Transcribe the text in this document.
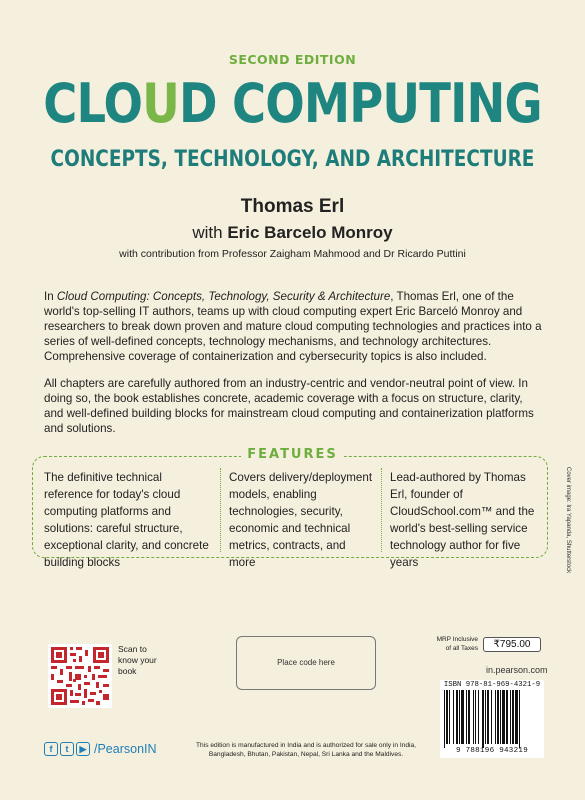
SECOND EDITION
CLOUD COMPUTING
CONCEPTS, TECHNOLOGY, AND ARCHITECTURE
Thomas Erl
with Eric Barcelo Monroy
with contribution from Professor Zaigham Mahmood and Dr Ricardo Puttini
In Cloud Computing: Concepts, Technology, Security & Architecture, Thomas Erl, one of the world's top-selling IT authors, teams up with cloud computing expert Eric Barceló Monroy and researchers to break down proven and mature cloud computing technologies and practices into a series of well-defined concepts, technology mechanisms, and technology architectures. Comprehensive coverage of containerization and cybersecurity topics is also included.
All chapters are carefully authored from an industry-centric and vendor-neutral point of view. In doing so, the book establishes concrete, academic coverage with a focus on structure, clarity, and well-defined building blocks for mainstream cloud computing and containerization platforms and solutions.
FEATURES
The definitive technical reference for today's cloud computing platforms and solutions: careful structure, exceptional clarity, and concrete building blocks
Covers delivery/deployment models, enabling technologies, security, economic and technical metrics, contracts, and more
Lead-authored by Thomas Erl, founder of CloudSchool.com™ and the world's best-selling service technology author for five years	Cover image: Ira Yapanda, Shutterstock
Scan to know your book
Place code here
MRP Inclusive of all Taxes	₹795.00
in.pearson.com
ISBN 978-81-969-4321-9
9 788196 943219
f	t	▶ /PearsonIN	This edition is manufactured in India and is authorized for sale only in India, Bangladesh, Bhutan, Pakistan, Nepal, Sri Lanka and the Maldives.
